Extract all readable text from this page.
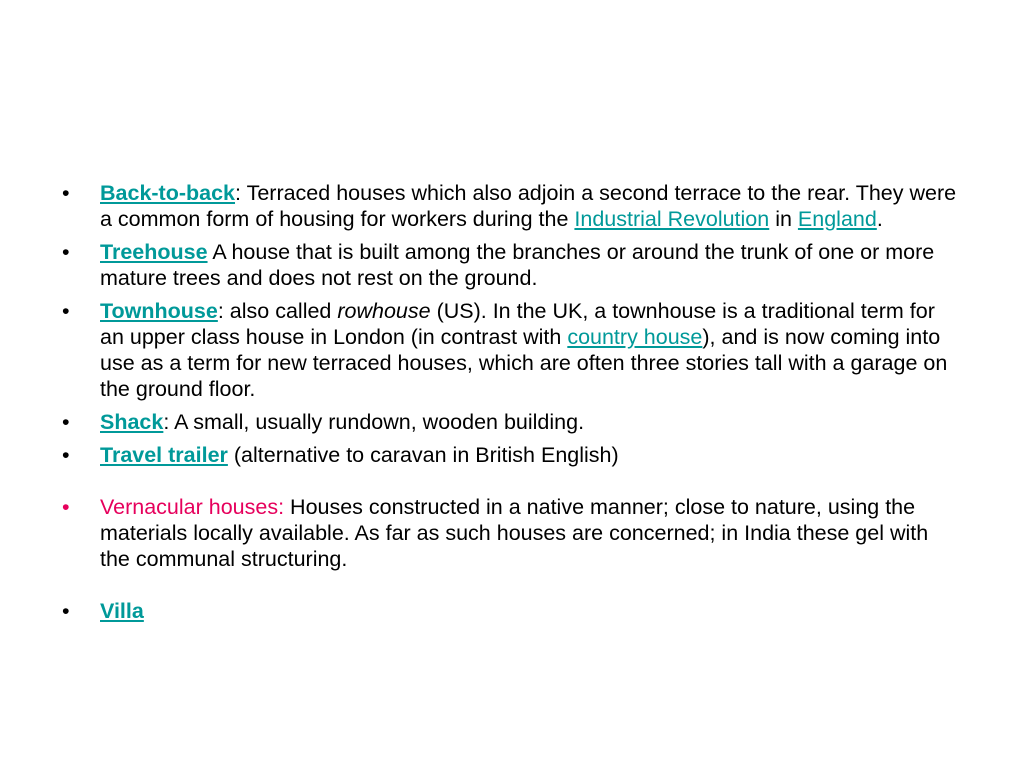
•	Back-to-back: Terraced houses which also adjoin a second terrace to the rear. They were a common form of housing for workers during the Industrial Revolution in England.
•	Treehouse A house that is built among the branches or around the trunk of one or more mature trees and does not rest on the ground.
•	Townhouse: also called rowhouse (US). In the UK, a townhouse is a traditional term for an upper class house in London (in contrast with country house), and is now coming into use as a term for new terraced houses, which are often three stories tall with a garage on the ground floor.
•	Shack: A small, usually rundown, wooden building.
•	Travel trailer (alternative to caravan in British English)
•	Vernacular houses: Houses constructed in a native manner; close to nature, using the materials locally available. As far as such houses are concerned; in India these gel with the communal structuring.
•	Villa
